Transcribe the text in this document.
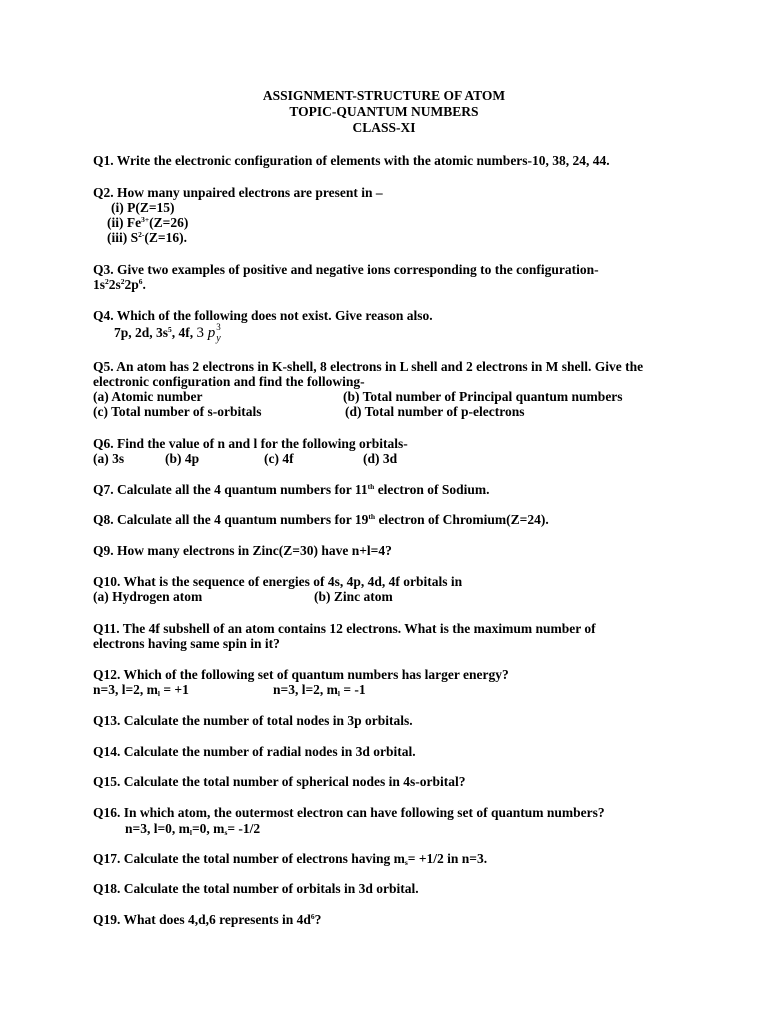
ASSIGNMENT-STRUCTURE OF ATOM
TOPIC-QUANTUM NUMBERS
CLASS-XI
Q1. Write the electronic configuration of elements with the atomic numbers-10, 38, 24, 44.
Q2. How many unpaired electrons are present in –
(i) P(Z=15)
(ii) $Fe^{3+}(Z=26)$
(iii) $S^{2-}(Z=16)$.
Q3. Give two examples of positive and negative ions corresponding to the configuration-
$1s^22s^22p^6$.
Q4. Which of the following does not exist. Give reason also.
7p, 2d, $3s^5$, 4f, 3 p 3
y
Q5. An atom has 2 electrons in K-shell, 8 electrons in L shell and 2 electrons in M shell. Give the
electronic configuration and find the following-
(a) Atomic number	(b) Total number of Principal quantum numbers
(c) Total number of s-orbitals	(d) Total number of p-electrons
Q6. Find the value of n and l for the following orbitals-
(a) 3s	(b) 4p	(c) 4f	(d) 3d
Q7. Calculate all the 4 quantum numbers for 11th electron of Sodium.
Q8. Calculate all the 4 quantum numbers for 19th electron of Chromium(Z=24).
Q9. How many electrons in Zinc(Z=30) have n+l=4?
Q10. What is the sequence of energies of 4s, 4p, 4d, 4f orbitals in
(a) Hydrogen atom	(b) Zinc atom
Q11. The 4f subshell of an atom contains 12 electrons. What is the maximum number of
electrons having same spin in it?
Q12. Which of the following set of quantum numbers has larger energy?
n=3, l=2, $m_l = +1$	n=3, l=2, $m_l = -1$
Q13. Calculate the number of total nodes in 3p orbitals.
Q14. Calculate the number of radial nodes in 3d orbital.
Q15. Calculate the total number of spherical nodes in 4s-orbital?
Q16. In which atom, the outermost electron can have following set of quantum numbers?
n=3, l=0, $m_l=0$, $m_s= -1/2$
Q17. Calculate the total number of electrons having $m_s= +1/2$ in n=3.
Q18. Calculate the total number of orbitals in 3d orbital.
Q19. What does 4,d,6 represents in $4d^6$?
